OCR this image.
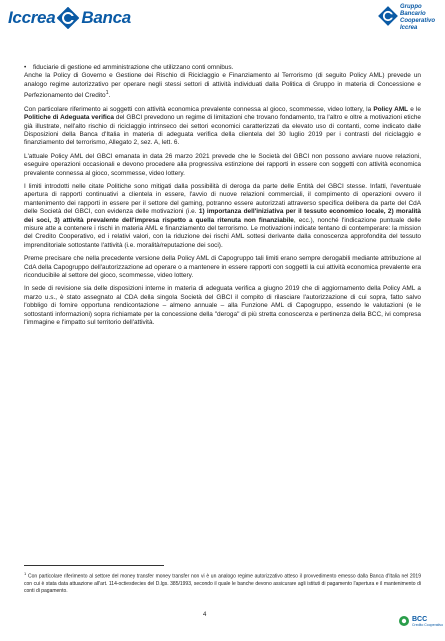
Iccrea Banca
Gruppo
Bancario
Cooperativo
Iccrea
•	fiduciarie di gestione ed amministrazione che utilizzano conti omnibus.

Anche la Policy di Governo e Gestione dei Rischio di Riciclaggio e Finanziamento al Terrorismo (di seguito Policy AML) prevede un analogo regime autorizzativo per operare negli stessi settori di attività individuati dalla Politica di Gruppo in materia di Concessione e Perfezionamento del Credito$^1$.

Con particolare riferimento ai soggetti con attività economica prevalente connessa al gioco, scommesse, video lottery, la Policy AML e le Politiche di Adeguata verifica del GBCI prevedono un regime di limitazioni che trovano fondamento, tra l'altro e oltre a motivazioni etiche già illustrate, nell'alto rischio di riciclaggio intrinseco dei settori economici caratterizzati da elevato uso di contanti, come indicato dalle Disposizioni della Banca d'Italia in materia di adeguata verifica della clientela del 30 luglio 2019 per i contrasti del riciclaggio e finanziamento del terrorismo, Allegato 2, sez. A, lett. 6.

L'attuale Policy AML del GBCI emanata in data 26 marzo 2021 prevede che le Società del GBCI non possono avviare nuove relazioni, eseguire operazioni occasionali e devono procedere alla progressiva estinzione dei rapporti in essere con soggetti con attività economica prevalente connessa al gioco, scommesse, video lottery.

I limiti introdotti nelle citate Politiche sono mitigati dalla possibilità di deroga da parte delle Entità del GBCI stesse. Infatti, l'eventuale apertura di rapporti continuativi a clientela in essere, l'avvio di nuove relazioni commerciali, il compimento di operazioni ovvero il mantenimento dei rapporti in essere per il settore del gaming, potranno essere autorizzati attraverso specifica delibera da parte del CdA delle Società del GBCI, con evidenza delle motivazioni (i.e. 1) importanza dell'iniziativa per il tessuto economico locale, 2) moralità dei soci, 3) attività prevalente dell'impresa rispetto a quella ritenuta non finanziabile, ecc.), nonché l'indicazione puntuale delle misure atte a contenere i rischi in materia AML e finanziamento del terrorismo. Le motivazioni indicate tentano di contemperare: la mission del Credito Cooperativo, ed i relativi valori, con la riduzione dei rischi AML sottesi derivante dalla conoscenza approfondita del tessuto imprenditoriale sottostante l'attività (i.e. moralità/reputazione dei soci).

Preme precisare che nella precedente versione della Policy AML di Capogruppo tali limiti erano sempre derogabili mediante attribuzione al CdA della Capogruppo dell'autorizzazione ad operare o a mantenere in essere rapporti con soggetti la cui attività economica prevalente era riconducibile al settore del gioco, scommesse, video lottery.

In sede di revisione sia delle disposizioni interne in materia di adeguata verifica a giugno 2019 che di aggiornamento della Policy AML a marzo u.s., è stato assegnato al CDA della singola Società del GBCI il compito di rilasciare l'autorizzazione di cui sopra, fatto salvo l'obbligo di fornire opportuna rendicontazione – almeno annuale – alla Funzione AML di Capogruppo, essendo le valutazioni (e le sottostanti informazioni) sopra richiamate per la concessione della "deroga" di più stretta conoscenza e pertinenza della BCC, ivi compresa l'immagine e l'impatto sul territorio dell'attività.

$^1$ Con particolare riferimento al settore del money transfer money transfer non vi è un analogo regime autorizzativo atteso il provvedimento emesso dalla Banca d'Italia nel 2019 con cui è stata data attuazione all'art. 114-octiesdecies del D.lgs. 385/1993, secondo il quale le banche devono assicurare agli istituti di pagamento l'apertura e il mantenimento di conti di pagamento.
4
BCC
Credito Cooperativo
